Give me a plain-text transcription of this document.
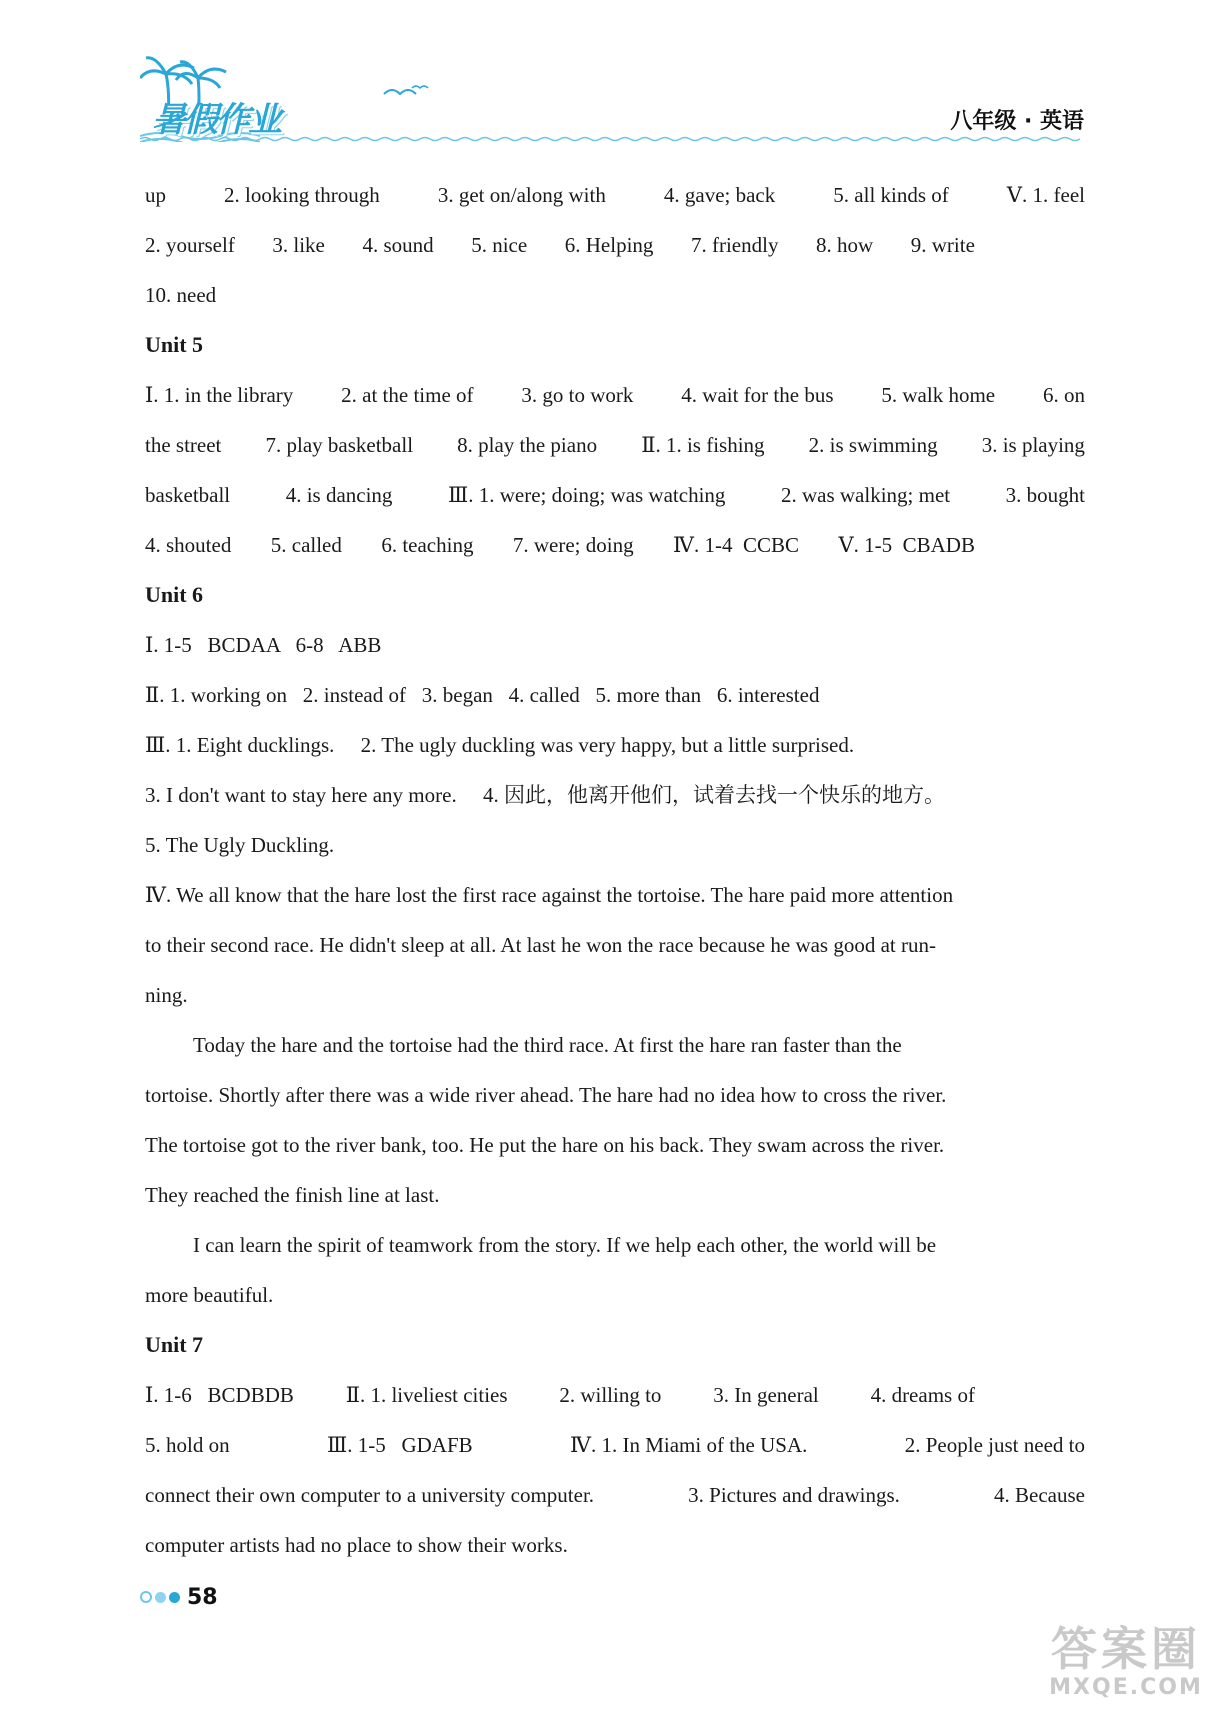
暑假作业	八年级 · 英语
up	2. looking through	3. get on/along with	4. gave; back	5. all kinds of	Ⅴ. 1. feel
2. yourself 3. like 4. sound 5. nice 6. Helping 7. friendly 8. how 9. write
10. need
Unit 5
Ⅰ. 1. in the library 2. at the time of 3. go to work 4. wait for the bus 5. walk home 6. on
the street 7. play basketball 8. play the piano Ⅱ. 1. is fishing 2. is swimming 3. is playing
basketball	4. is dancing	Ⅲ. 1. were; doing; was watching	2. was walking; met	3. bought
4. shouted 5. called 6. teaching 7. were; doing Ⅳ. 1-4  CCBC Ⅴ. 1-5  CBADB
Unit 6
Ⅰ. 1-5   BCDAA   6-8   ABB
Ⅱ. 1. working on   2. instead of   3. began   4. called   5. more than   6. interested
Ⅲ. 1. Eight ducklings.     2. The ugly duckling was very happy, but a little surprised.
3. I don't want to stay here any more.     4. 因此，他离开他们，试着去找一个快乐的地方。
5. The Ugly Duckling.
Ⅳ. We all know that the hare lost the first race against the tortoise. The hare paid more attention
to their second race. He didn't sleep at all. At last he won the race because he was good at run-
ning.
Today the hare and the tortoise had the third race. At first the hare ran faster than the
tortoise. Shortly after there was a wide river ahead. The hare had no idea how to cross the river.
The tortoise got to the river bank, too. He put the hare on his back. They swam across the river.
They reached the finish line at last.
I can learn the spirit of teamwork from the story. If we help each other, the world will be
more beautiful.
Unit 7
Ⅰ. 1-6   BCDBDB Ⅱ. 1. liveliest cities 2. willing to 3. In general 4. dreams of
5. hold on	Ⅲ. 1-5   GDAFB	Ⅳ. 1. In Miami of the USA.	2. People just need to
connect their own computer to a university computer.	3. Pictures and drawings.	4. Because
computer artists had no place to show their works.
58
答案圈
MXQE.COM
